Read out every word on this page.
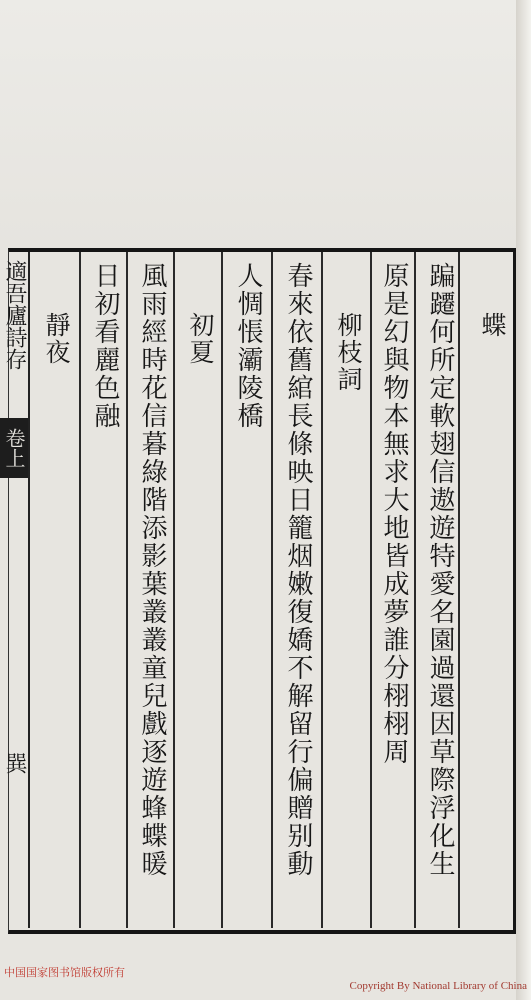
蝶
蹁躚何所定軟翅信遨遊特愛名園過還因草際浮化生
原是幻與物本無求大地皆成夢誰分栩栩周
柳枝詞
春來依舊綰長條映日籠烟嫩復嬌不解留行偏贈别動
人惆悵灞陵橋
初夏
風雨經時花信暮綠階添影葉叢叢童兒戲逐遊蜂蝶暖
日初看麗色融
靜夜
適吾廬詩存
卷上
巽
中国国家图书馆版权所有
Copyright By National Library of China
